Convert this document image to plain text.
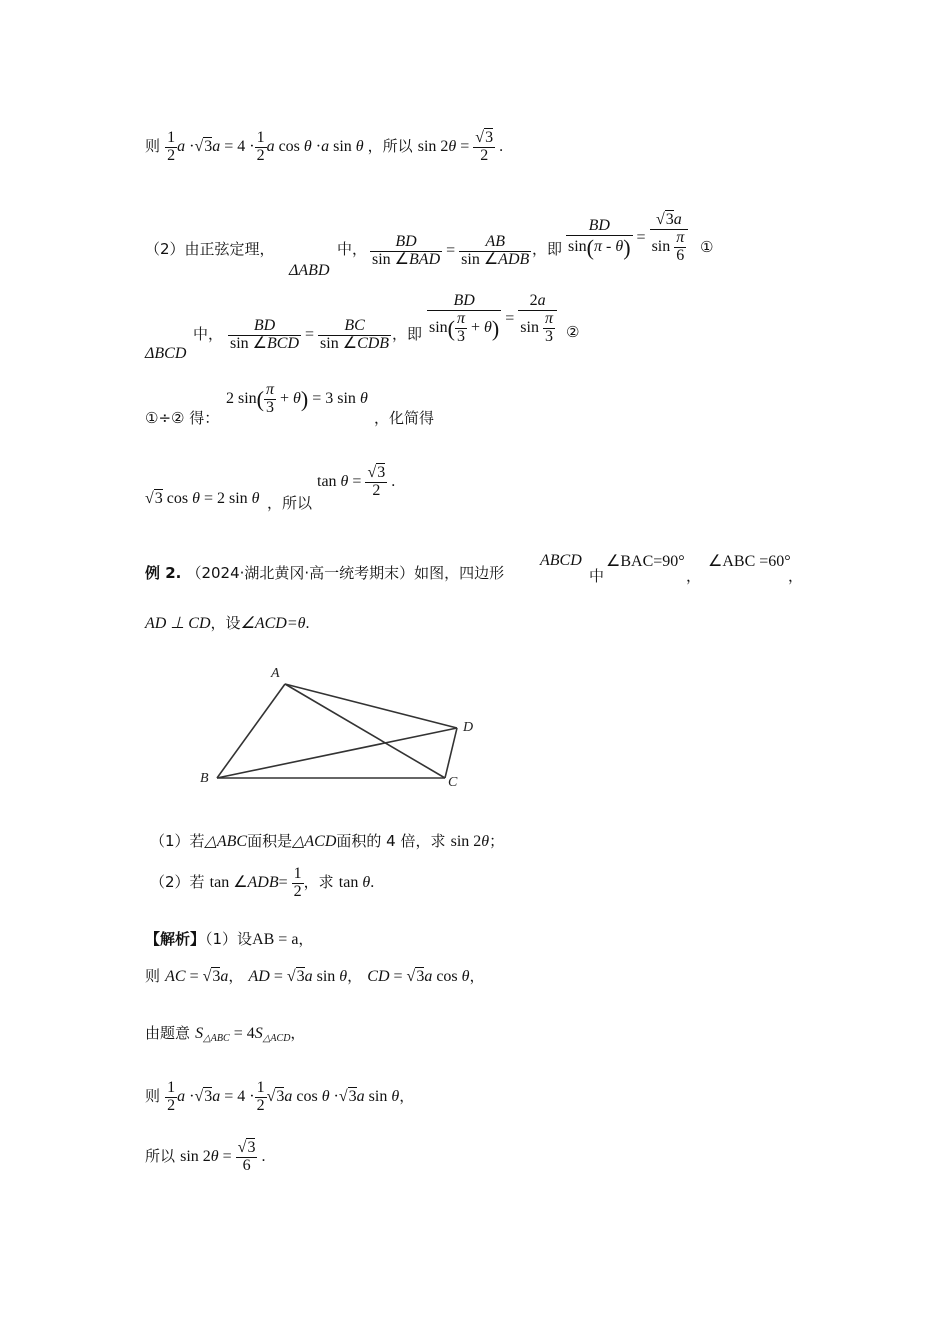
则 $\frac{1}{2}$ $a \cdot√3a = 4 \cdot \frac{1}{2}$ a cos θ ·a sin θ ，所以 $\sin 2\theta = \frac{√3}{2}$ .
（2）由正弦定理，
ΔABD
中， $\frac{BD}{\text{sin ∠BAD}} = \frac{AB}{\text{sin ∠ADB}}$ ，即 $\frac{BD}{\sin(\pi - \theta)} = \frac{√3a}{\sin \frac{\pi}{6}}$ ①
ΔBCD
中， $\frac{BD}{\text{sin ∠BCD}} = \frac{BC}{\text{sin ∠CDB}}$ ，即 $\frac{BD}{\sin( \frac{\pi}{3} + \theta)} = \frac{2a}{\sin \frac{\pi}{3}}$ ②
①÷② 得：
2 $\sin( \frac{\pi}{3} + \theta) = 3$ sin θ
，化简得
√3 cos θ = 2 sin θ ，所以
$\tan \theta = \frac{√3}{2}$ .
例 2. （2024·湖北黄冈·高一统考期末）如图，四边形
ABCD
中
∠BAC=90°
，
∠ABC =60°
，
AD ⊥ CD，设∠ACD=θ.
A
B	C
D
（1）若△ABC面积是△ACD面积的 4 倍，求 sin 2θ；
（2）若 tan ∠ADB= $\frac{1}{2}$ ，求 tan θ.
【解析】（1）设AB = a，
则 AC = √3a， AD = √3a sin θ， CD = √3a cos θ，
由题意 $S_{\triangle ABC} = 4S_{\triangle ACD}$，
则 $\frac{1}{2}$ $a \cdot√3a = 4 \cdot \frac{1}{2} √3a$ cos θ ·√3a sin θ，
所以 $\sin 2\theta = \frac{√3}{6}$ .
